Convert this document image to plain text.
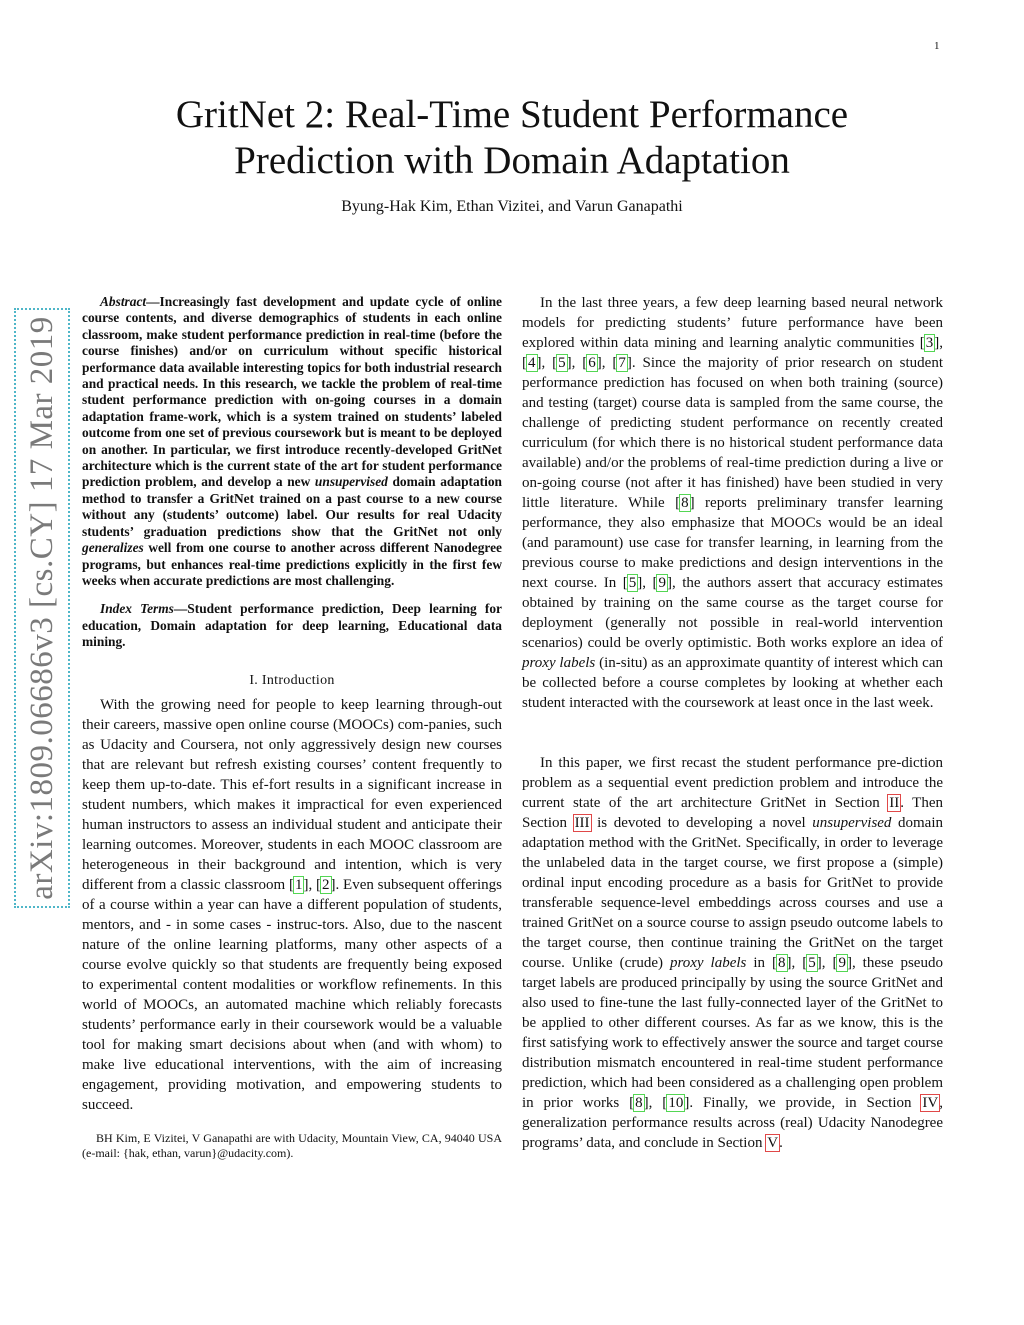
1
arXiv:1809.06686v3 [cs.CY] 17 Mar 2019
GritNet 2: Real-Time Student Performance
Prediction with Domain Adaptation
Byung-Hak Kim, Ethan Vizitei, and Varun Ganapathi

Abstract—Increasingly fast development and update cycle of online course contents, and diverse demographics of students in each online classroom, make student performance prediction in real-time (before the course finishes) and/or on curriculum without specific historical performance data available interesting topics for both industrial research and practical needs. In this research, we tackle the problem of real-time student performance prediction with on-going courses in a domain adaptation frame-work, which is a system trained on students’ labeled outcome from one set of previous coursework but is meant to be deployed on another. In particular, we first introduce recently-developed GritNet architecture which is the current state of the art for student performance prediction problem, and develop a new unsupervised domain adaptation method to transfer a GritNet trained on a past course to a new course without any (students’ outcome) label. Our results for real Udacity students’ graduation predictions show that the GritNet not only generalizes well from one course to another across different Nanodegree programs, but enhances real-time predictions explicitly in the first few weeks when accurate predictions are most challenging.

Index Terms—Student performance prediction, Deep learning for education, Domain adaptation for deep learning, Educational data mining.

I. Introduction

With the growing need for people to keep learning through-out their careers, massive open online course (MOOCs) com-panies, such as Udacity and Coursera, not only aggressively design new courses that are relevant but refresh existing courses’ content frequently to keep them up-to-date. This ef-fort results in a significant increase in student numbers, which makes it impractical for even experienced human instructors to assess an individual student and anticipate their learning outcomes. Moreover, students in each MOOC classroom are heterogeneous in their background and intention, which is very different from a classic classroom [1], [2]. Even subsequent offerings of a course within a year can have a different population of students, mentors, and - in some cases - instruc-tors. Also, due to the nascent nature of the online learning platforms, many other aspects of a course evolve quickly so that students are frequently being exposed to experimental content modalities or workflow refinements. In this world of MOOCs, an automated machine which reliably forecasts students’ performance early in their coursework would be a valuable tool for making smart decisions about when (and with whom) to make live educational interventions, with the aim of increasing engagement, providing motivation, and empowering students to succeed.

BH Kim, E Vizitei, V Ganapathi are with Udacity, Mountain View, CA, 94040 USA (e-mail: {hak, ethan, varun}@udacity.com).

In the last three years, a few deep learning based neural network models for predicting students’ future performance have been explored within data mining and learning analytic communities [3], [4], [5], [6], [7]. Since the majority of prior research on student performance prediction has focused on when both training (source) and testing (target) course data is sampled from the same course, the challenge of predicting student performance on recently created curriculum (for which there is no historical student performance data available) and/or the problems of real-time prediction during a live or on-going course (not after it has finished) have been studied in very little literature. While [8] reports preliminary transfer learning performance, they also emphasize that MOOCs would be an ideal (and paramount) use case for transfer learning, in learning from the previous course to make predictions and design interventions in the next course. In [5], [9], the authors assert that accuracy estimates obtained by training on the same course as the target course for deployment (generally not possible in real-world intervention scenarios) could be overly optimistic. Both works explore an idea of proxy labels (in-situ) as an approximate quantity of interest which can be collected before a course completes by looking at whether each student interacted with the coursework at least once in the last week.

In this paper, we first recast the student performance pre-diction problem as a sequential event prediction problem and introduce the current state of the art architecture GritNet in Section II. Then Section III is devoted to developing a novel unsupervised domain adaptation method with the GritNet. Specifically, in order to leverage the unlabeled data in the target course, we first propose a (simple) ordinal input encoding procedure as a basis for GritNet to provide transferable sequence-level embeddings across courses and use a trained GritNet on a source course to assign pseudo outcome labels to the target course, then continue training the GritNet on the target course. Unlike (crude) proxy labels in [8], [5], [9], these pseudo target labels are produced principally by using the source GritNet and also used to fine-tune the last fully-connected layer of the GritNet to be applied to other different courses. As far as we know, this is the first satisfying work to effectively answer the source and target course distribution mismatch encountered in real-time student performance prediction, which had been considered as a challenging open problem in prior works [8], [10]. Finally, we provide, in Section IV, generalization performance results across (real) Udacity Nanodegree programs’ data, and conclude in Section V.
